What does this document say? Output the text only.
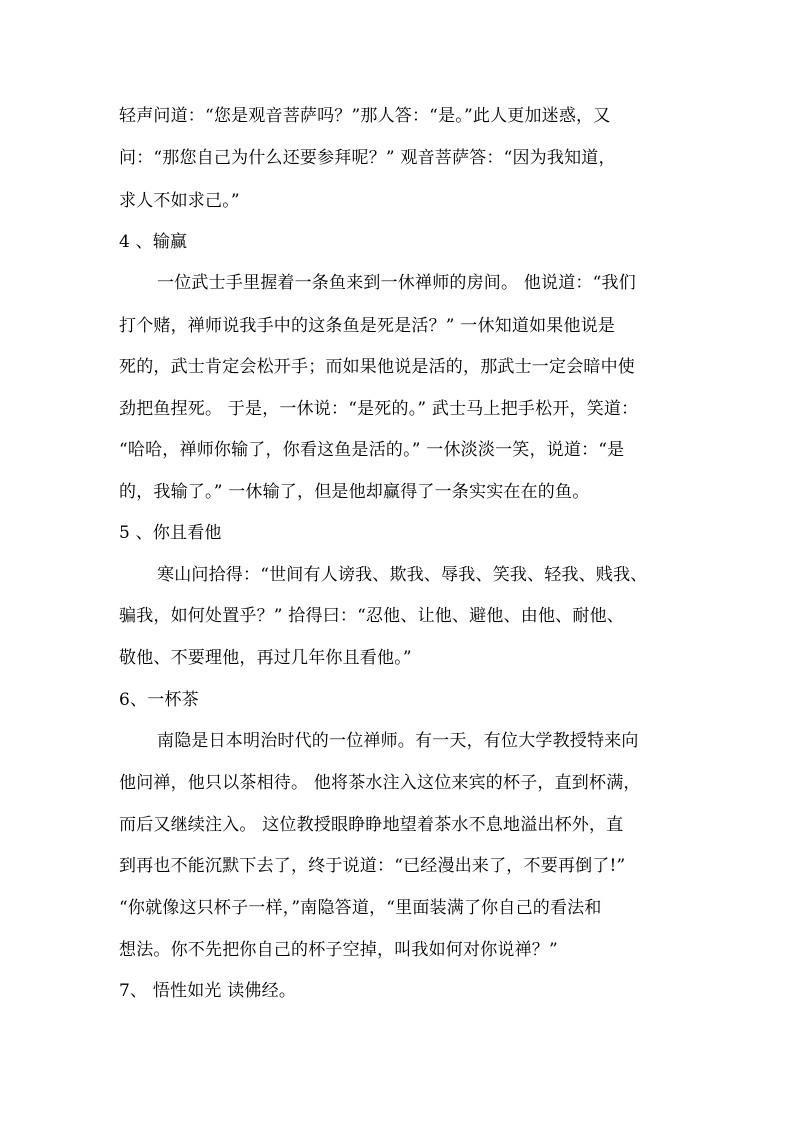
轻声问道：“您是观音菩萨吗？”那人答：“是。”此人更加迷惑，又
问：“那您自己为什么还要参拜呢？” 观音菩萨答：“因为我知道，
求人不如求己。”
4 、输赢
一位武士手里握着一条鱼来到一休禅师的房间。 他说道：“我们
打个赌，禅师说我手中的这条鱼是死是活？” 一休知道如果他说是
死的，武士肯定会松开手；而如果他说是活的，那武士一定会暗中使
劲把鱼捏死。 于是，一休说：“是死的。” 武士马上把手松开，笑道：
“哈哈，禅师你输了，你看这鱼是活的。” 一休淡淡一笑，说道：“是
的，我输了。” 一休输了，但是他却赢得了一条实实在在的鱼。
5 、你且看他
寒山问拾得：“世间有人谤我、欺我、辱我、笑我、轻我、贱我、
骗我，如何处置乎？” 拾得曰：“忍他、让他、避他、由他、耐他、
敬他、不要理他，再过几年你且看他。”
6、一杯茶
南隐是日本明治时代的一位禅师。有一天，有位大学教授特来向
他问禅，他只以茶相待。 他将茶水注入这位来宾的杯子，直到杯满，
而后又继续注入。 这位教授眼睁睁地望着茶水不息地溢出杯外，直
到再也不能沉默下去了，终于说道：“已经漫出来了，不要再倒了!”
“你就像这只杯子一样，”南隐答道，“里面装满了你自己的看法和
想法。你不先把你自己的杯子空掉，叫我如何对你说禅？”
7、 悟性如光 读佛经。
